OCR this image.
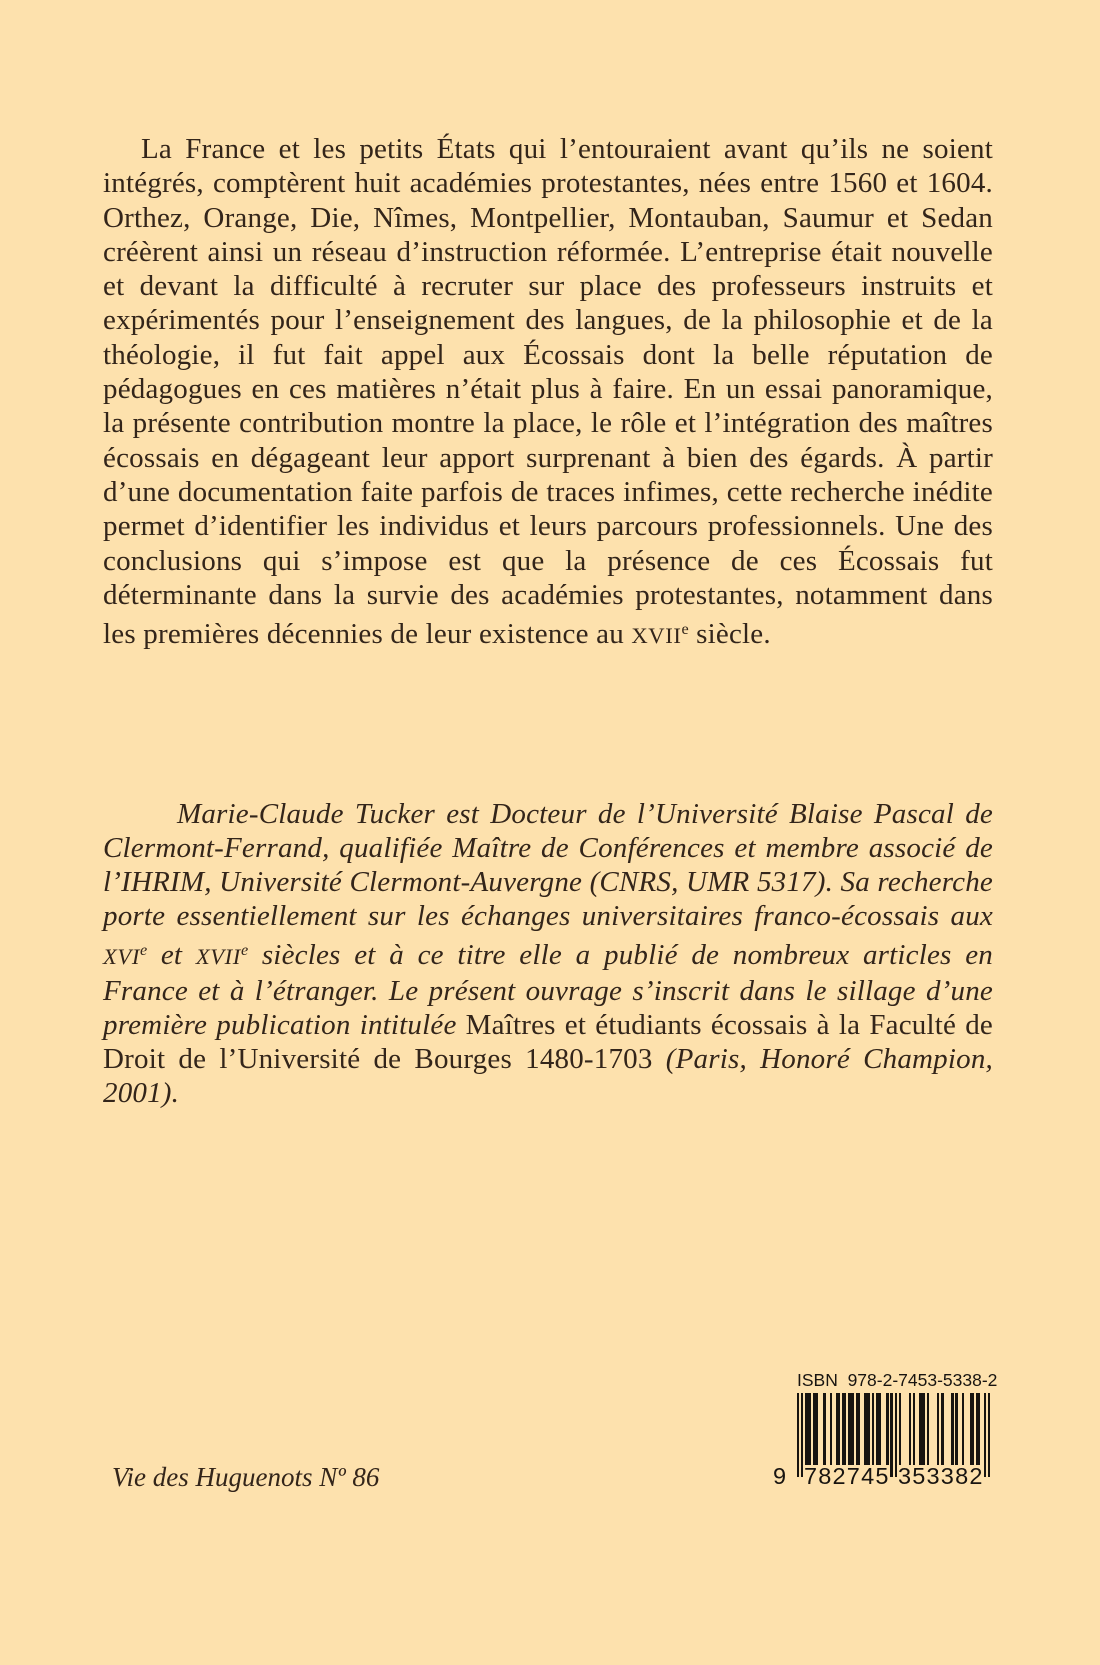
La France et les petits États qui l’entouraient avant qu’ils ne soient intégrés, comptèrent huit académies protestantes, nées entre 1560 et 1604. Orthez, Orange, Die, Nîmes, Montpellier, Montauban, Saumur et Sedan créèrent ainsi un réseau d’instruction réformée. L’entreprise était nouvelle et devant la difficulté à recruter sur place des professeurs instruits et expérimentés pour l’enseignement des langues, de la philosophie et de la théologie, il fut fait appel aux Écossais dont la belle réputation de pédagogues en ces matières n’était plus à faire. En un essai panoramique, la présente contribution montre la place, le rôle et l’intégration des maîtres écossais en dégageant leur apport surprenant à bien des égards. À partir d’une documentation faite parfois de traces infimes, cette recherche inédite permet d’identifier les individus et leurs parcours professionnels. Une des conclusions qui s’impose est que la présence de ces Écossais fut déterminante dans la survie des académies protestantes, notamment dans les premières décennies de leur existence au XVIIe siècle.

Marie-Claude Tucker est Docteur de l’Université Blaise Pascal de Clermont-Ferrand, qualifiée Maître de Conférences et membre associé de l’IHRIM, Université Clermont-Auvergne (CNRS, UMR 5317). Sa recherche porte essentiellement sur les échanges universitaires franco-écossais aux XVIe et XVIIe siècles et à ce titre elle a publié de nombreux articles en France et à l’étranger. Le présent ouvrage s’inscrit dans le sillage d’une première publication intitulée Maîtres et étudiants écossais à la Faculté de Droit de l’Université de Bourges 1480-1703 (Paris, Honoré Champion, 2001).

Vie des Huguenots Nº 86
ISBN  978-2-7453-5338-2
9 782745 353382
